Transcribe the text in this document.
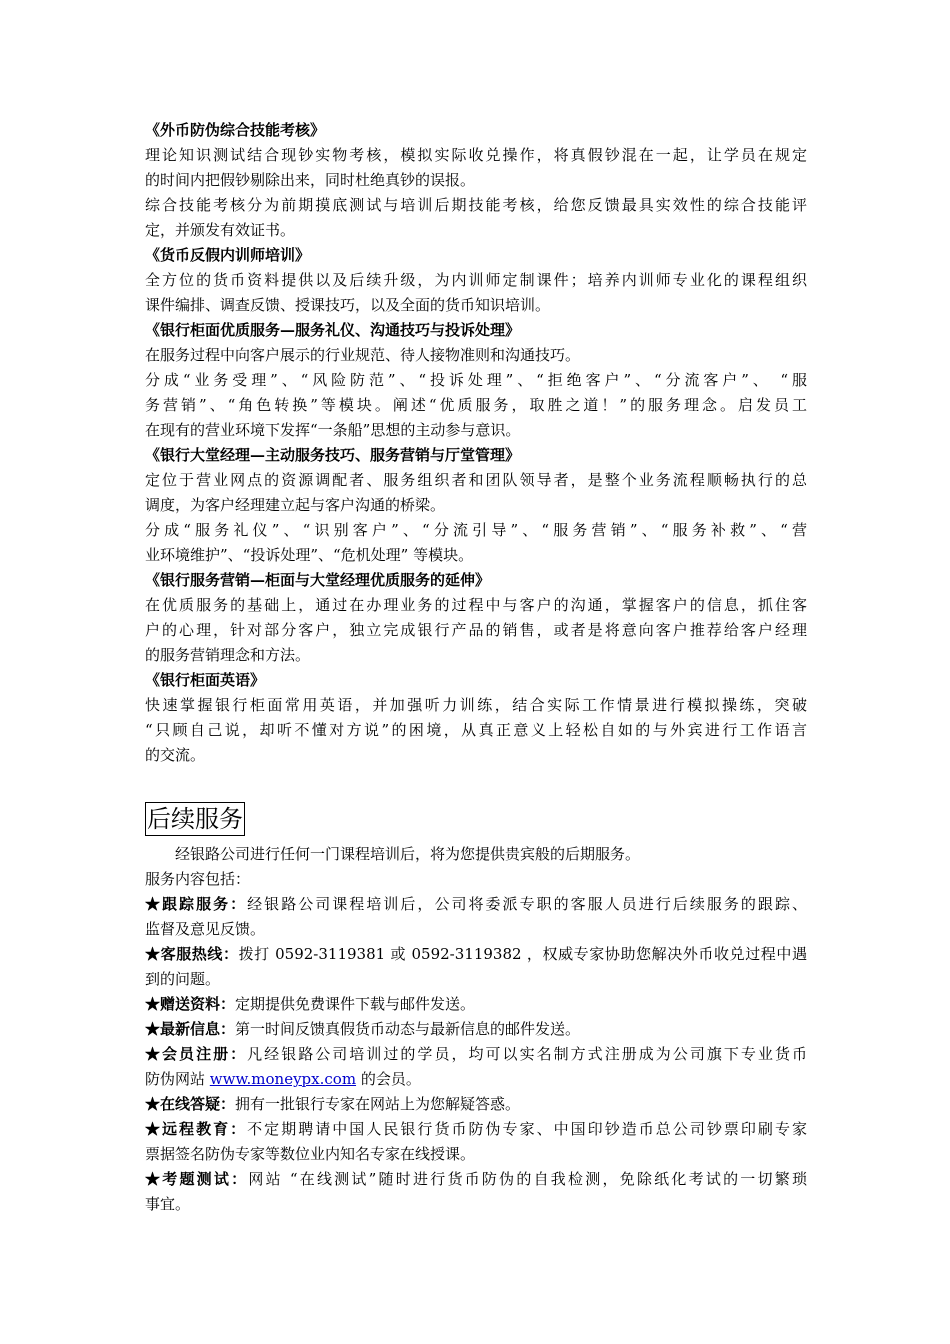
《外币防伪综合技能考核》
理论知识测试结合现钞实物考核，模拟实际收兑操作，将真假钞混在一起，让学员在规定
的时间内把假钞剔除出来，同时杜绝真钞的误报。
综合技能考核分为前期摸底测试与培训后期技能考核，给您反馈最具实效性的综合技能评
定，并颁发有效证书。
《货币反假内训师培训》
全方位的货币资料提供以及后续升级，为内训师定制课件；培养内训师专业化的课程组织
课件编排、调查反馈、授课技巧，以及全面的货币知识培训。
《银行柜面优质服务—服务礼仪、沟通技巧与投诉处理》
在服务过程中向客户展示的行业规范、待人接物准则和沟通技巧。
分成“业务受理”、“风险防范”、“投诉处理”、“拒绝客户”、“分流客户”、 “服
务营销”、“角色转换”等模块。阐述“优质服务，取胜之道！”的服务理念。启发员工
在现有的营业环境下发挥“一条船”思想的主动参与意识。
《银行大堂经理—主动服务技巧、服务营销与厅堂管理》
定位于营业网点的资源调配者、服务组织者和团队领导者，是整个业务流程顺畅执行的总
调度，为客户经理建立起与客户沟通的桥梁。
分成“服务礼仪”、“识别客户”、“分流引导”、“服务营销”、“服务补救”、“营
业环境维护”、“投诉处理”、“危机处理” 等模块。
《银行服务营销—柜面与大堂经理优质服务的延伸》
在优质服务的基础上，通过在办理业务的过程中与客户的沟通，掌握客户的信息，抓住客
户的心理，针对部分客户，独立完成银行产品的销售，或者是将意向客户推荐给客户经理
的服务营销理念和方法。
《银行柜面英语》
快速掌握银行柜面常用英语，并加强听力训练，结合实际工作情景进行模拟操练，突破
“只顾自己说，却听不懂对方说”的困境，从真正意义上轻松自如的与外宾进行工作语言
的交流。
后续服务
经银路公司进行任何一门课程培训后，将为您提供贵宾般的后期服务。
服务内容包括：
★跟踪服务：经银路公司课程培训后，公司将委派专职的客服人员进行后续服务的跟踪、
监督及意见反馈。
★客服热线：拨打 0592-3119381 或 0592-3119382 ，权威专家协助您解决外币收兑过程中遇
到的问题。
★赠送资料：定期提供免费课件下载与邮件发送。
★最新信息：第一时间反馈真假货币动态与最新信息的邮件发送。
★会员注册：凡经银路公司培训过的学员，均可以实名制方式注册成为公司旗下专业货币
防伪网站 www.moneypx.com 的会员。
★在线答疑：拥有一批银行专家在网站上为您解疑答惑。
★远程教育：不定期聘请中国人民银行货币防伪专家、中国印钞造币总公司钞票印刷专家
票据签名防伪专家等数位业内知名专家在线授课。
★考题测试：网站 “在线测试”随时进行货币防伪的自我检测，免除纸化考试的一切繁琐
事宜。
